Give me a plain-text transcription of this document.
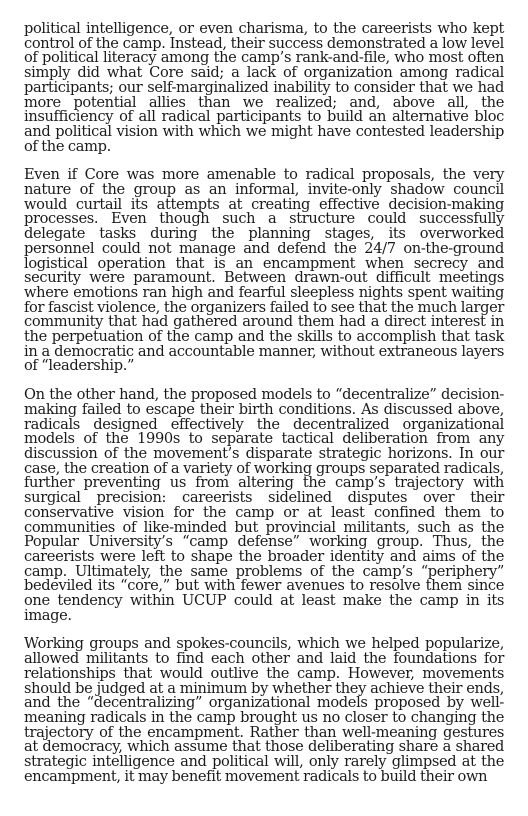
political intelligence, or even charisma, to the careerists who kept control of the camp. Instead, their success demonstrated a low level of political literacy among the camp’s rank-and-file, who most often simply did what Core said; a lack of organization among radical participants; our self-marginalized inability to consider that we had more potential allies than we realized; and, above all, the insufficiency of all radical participants to build an alternative bloc and political vision with which we might have contested leadership of the camp.

Even if Core was more amenable to radical proposals, the very nature of the group as an informal, invite-only shadow council would curtail its attempts at creating effective decision-making processes. Even though such a structure could successfully delegate tasks during the planning stages, its overworked personnel could not manage and defend the 24/7 on-the-ground logistical operation that is an encampment when secrecy and security were paramount. Between drawn-out difficult meetings where emotions ran high and fearful sleepless nights spent waiting for fascist violence, the organizers failed to see that the much larger community that had gathered around them had a direct interest in the perpetuation of the camp and the skills to accomplish that task in a democratic and accountable manner, without extraneous layers of “leadership.”

On the other hand, the proposed models to “decentralize” decision-making failed to escape their birth conditions. As discussed above, radicals designed effectively the decentralized organizational models of the 1990s to separate tactical deliberation from any discussion of the movement’s disparate strategic horizons. In our case, the creation of a variety of working groups separated radicals, further preventing us from altering the camp’s trajectory with surgical precision: careerists sidelined disputes over their conservative vision for the camp or at least confined them to communities of like-minded but provincial militants, such as the Popular University’s “camp defense” working group. Thus, the careerists were left to shape the broader identity and aims of the camp. Ultimately, the same problems of the camp’s “periphery” bedeviled its “core,” but with fewer avenues to resolve them since one tendency within UCUP could at least make the camp in its image.

Working groups and spokes-councils, which we helped popularize, allowed militants to find each other and laid the foundations for relationships that would outlive the camp. However, movements should be judged at a minimum by whether they achieve their ends, and the “decentralizing” organizational models proposed by well-meaning radicals in the camp brought us no closer to changing the trajectory of the encampment. Rather than well-meaning gestures at democracy, which assume that those deliberating share a shared strategic intelligence and political will, only rarely glimpsed at the encampment, it may benefit movement radicals to build their own
